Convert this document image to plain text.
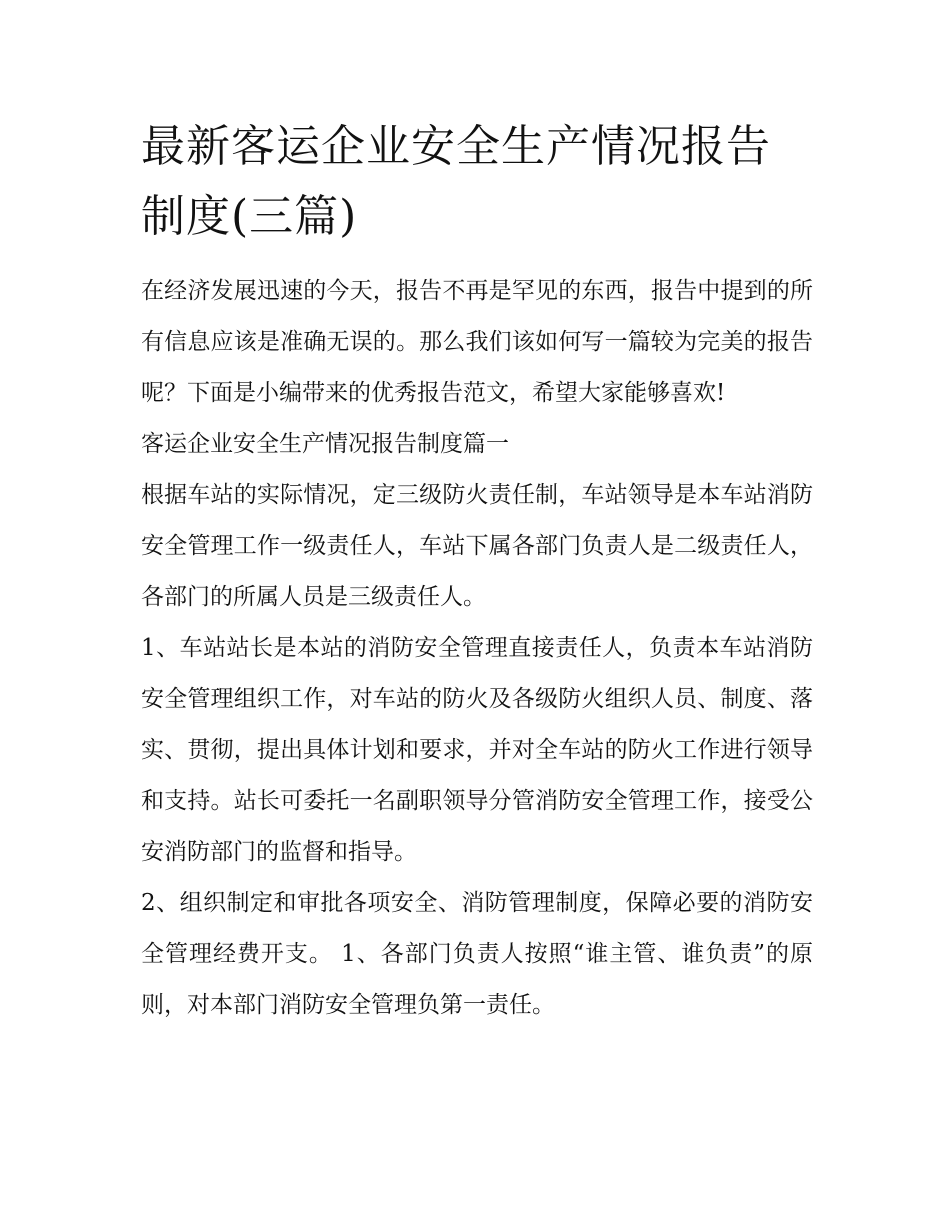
最新客运企业安全生产情况报告制度(三篇)

在经济发展迅速的今天，报告不再是罕见的东西，报告中提到的所有信息应该是准确无误的。那么我们该如何写一篇较为完美的报告呢？下面是小编带来的优秀报告范文，希望大家能够喜欢!

客运企业安全生产情况报告制度篇一

根据车站的实际情况，定三级防火责任制，车站领导是本车站消防安全管理工作一级责任人，车站下属各部门负责人是二级责任人，各部门的所属人员是三级责任人。

1、车站站长是本站的消防安全管理直接责任人，负责本车站消防安全管理组织工作，对车站的防火及各级防火组织人员、制度、落实、贯彻，提出具体计划和要求，并对全车站的防火工作进行领导和支持。站长可委托一名副职领导分管消防安全管理工作，接受公安消防部门的监督和指导。

2、组织制定和审批各项安全、消防管理制度，保障必要的消防安全管理经费开支。 1、各部门负责人按照“谁主管、谁负责”的原则，对本部门消防安全管理负第一责任。
